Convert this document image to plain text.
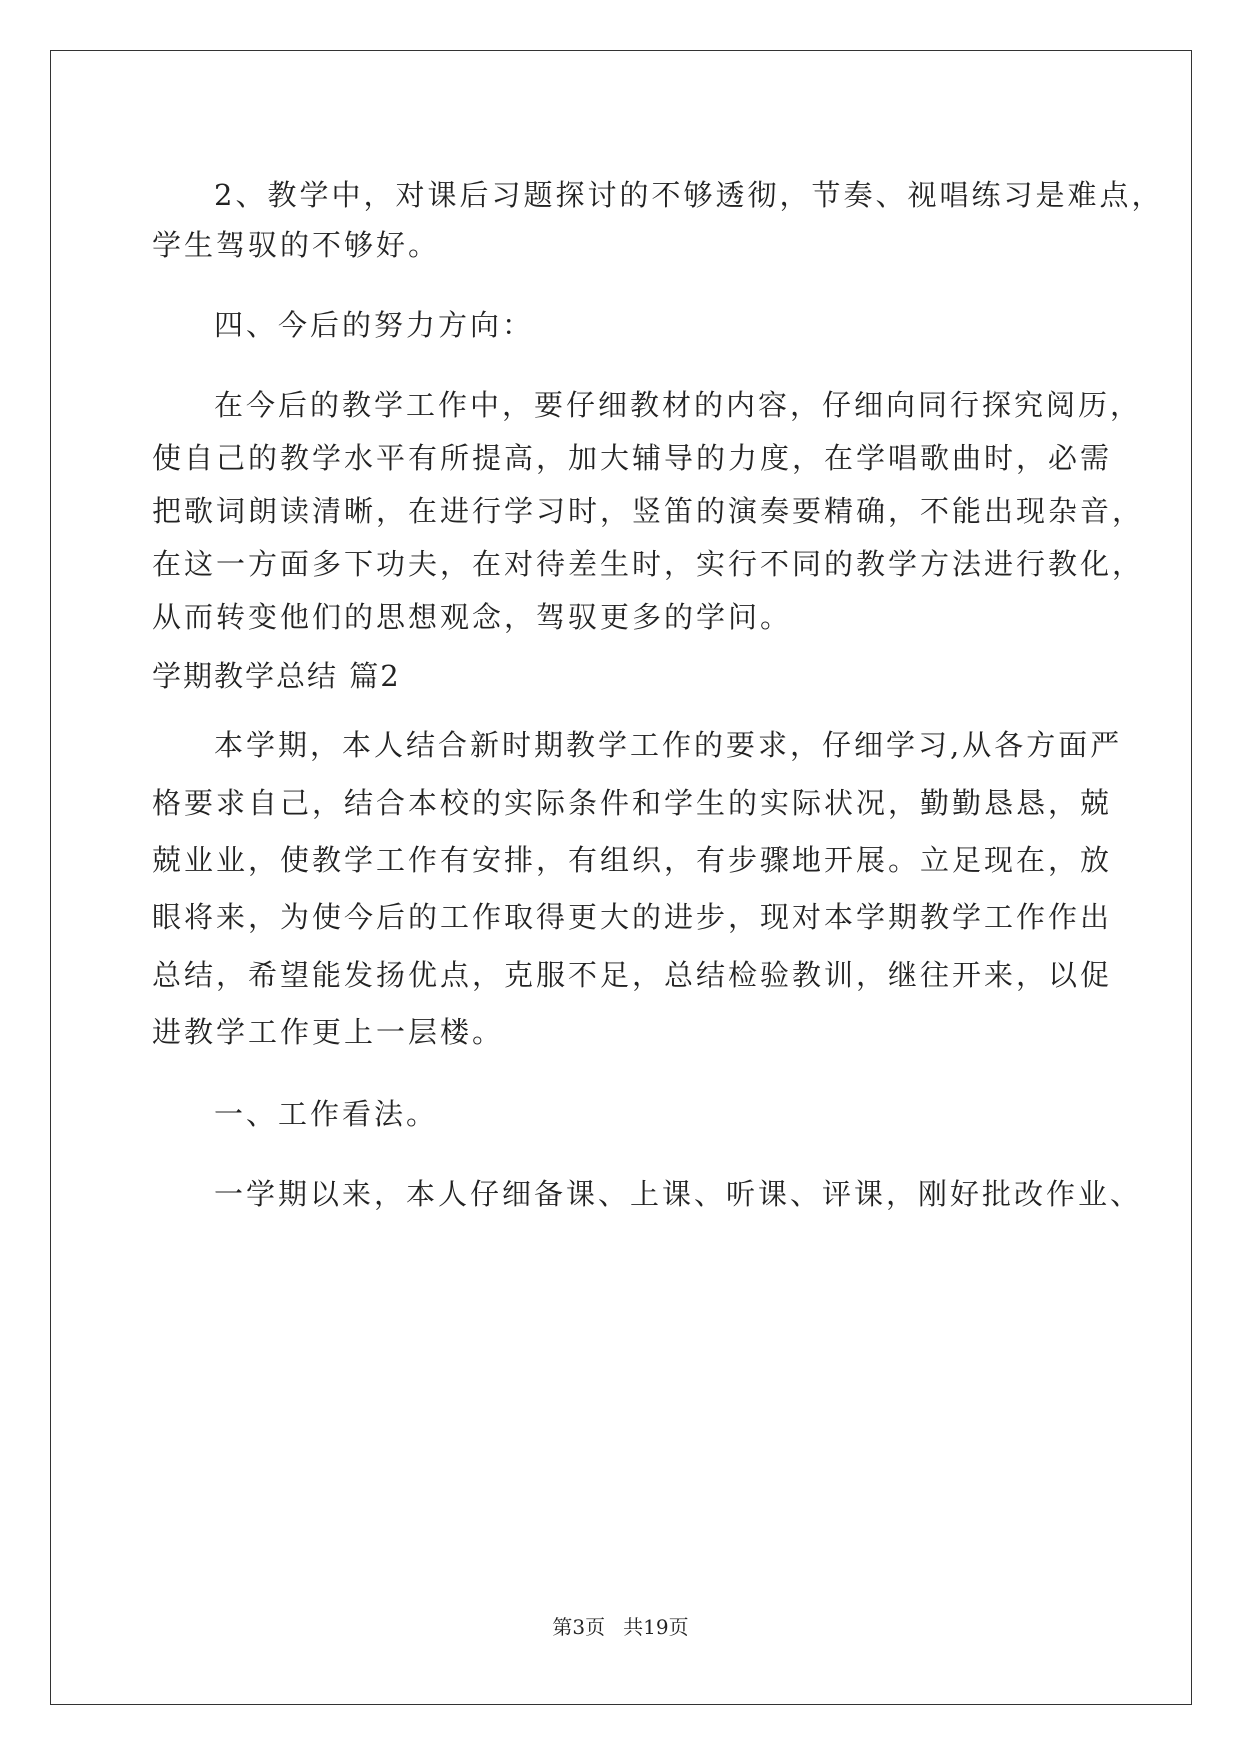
2、教学中，对课后习题探讨的不够透彻，节奏、视唱练习是难点，
学生驾驭的不够好。
四、今后的努力方向：
在今后的教学工作中，要仔细教材的内容，仔细向同行探究阅历，
使自己的教学水平有所提高，加大辅导的力度，在学唱歌曲时，必需
把歌词朗读清晰，在进行学习时，竖笛的演奏要精确，不能出现杂音，
在这一方面多下功夫，在对待差生时，实行不同的教学方法进行教化，
从而转变他们的思想观念，驾驭更多的学问。
学期教学总结 篇2
本学期，本人结合新时期教学工作的要求，仔细学习,从各方面严
格要求自己，结合本校的实际条件和学生的实际状况，勤勤恳恳，兢
兢业业，使教学工作有安排，有组织，有步骤地开展。立足现在，放
眼将来，为使今后的工作取得更大的进步，现对本学期教学工作作出
总结，希望能发扬优点，克服不足，总结检验教训，继往开来，以促
进教学工作更上一层楼。
一、工作看法。
一学期以来，本人仔细备课、上课、听课、评课，刚好批改作业、
第3页 共19页
